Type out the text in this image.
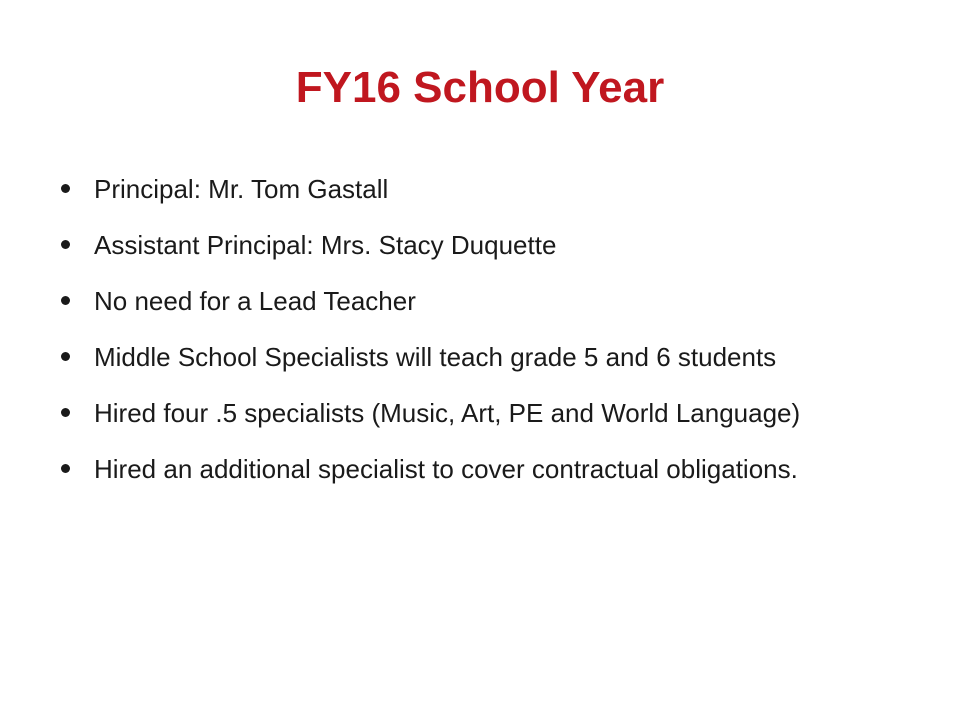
FY16 School Year
Principal: Mr. Tom Gastall
Assistant Principal: Mrs. Stacy Duquette
No need for a Lead Teacher
Middle School Specialists will teach grade 5 and 6 students
Hired four .5 specialists (Music, Art, PE and World Language)
Hired an additional specialist to cover contractual obligations.
